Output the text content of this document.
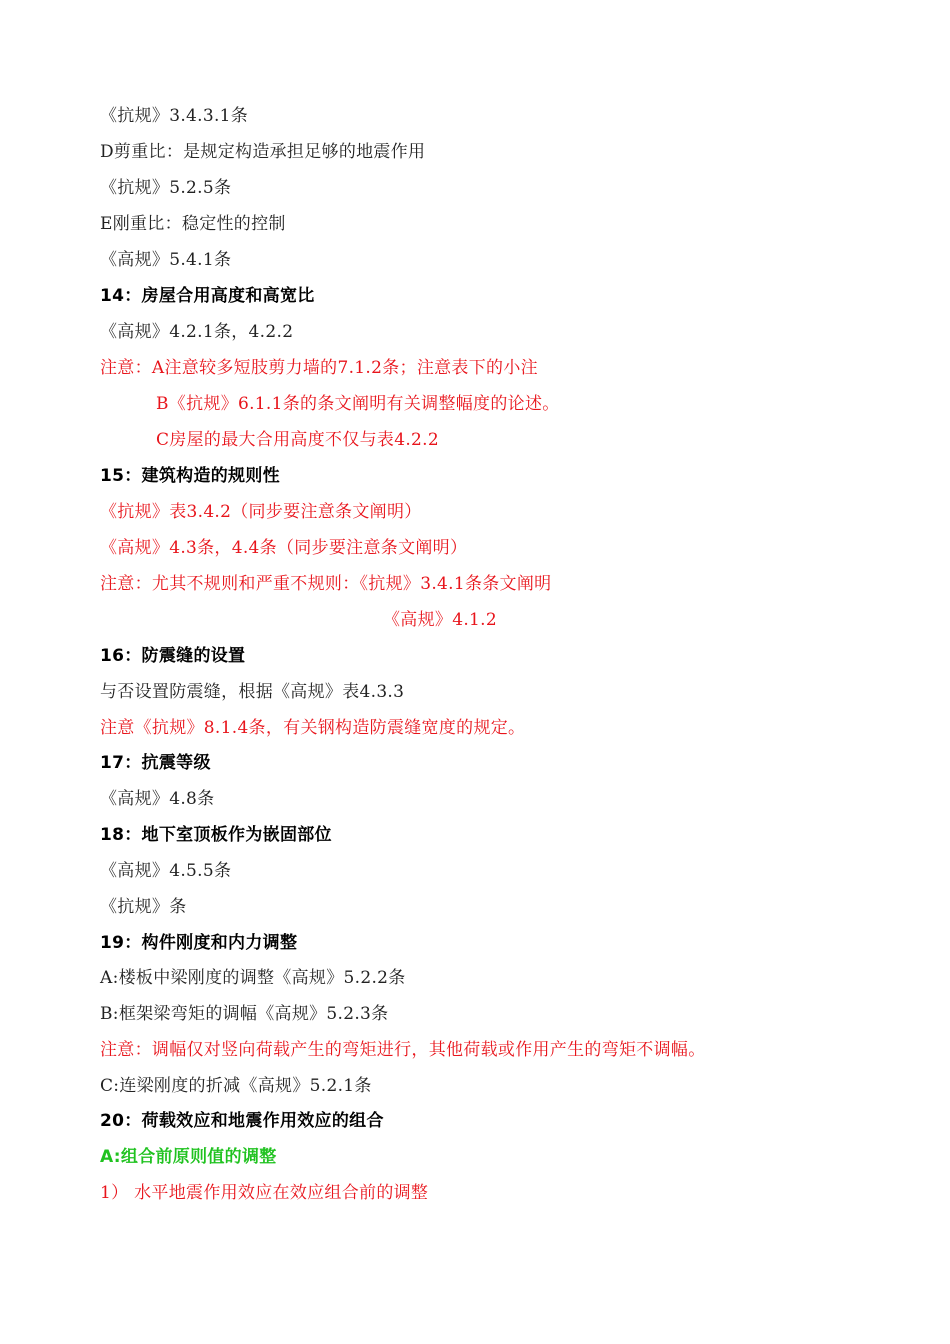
《抗规》3.4.3.1条
D剪重比：是规定构造承担足够的地震作用
《抗规》5.2.5条
E刚重比：稳定性的控制
《高规》5.4.1条
14：房屋合用高度和高宽比
《高规》4.2.1条，4.2.2
注意：A注意较多短肢剪力墙的7.1.2条；注意表下的小注
B《抗规》6.1.1条的条文阐明有关调整幅度的论述。
C房屋的最大合用高度不仅与表4.2.2
15：建筑构造的规则性
《抗规》表3.4.2（同步要注意条文阐明）
《高规》4.3条，4.4条（同步要注意条文阐明）
注意：尤其不规则和严重不规则：《抗规》3.4.1条条文阐明
《高规》4.1.2
16：防震缝的设置
与否设置防震缝，根据《高规》表4.3.3
注意《抗规》8.1.4条，有关钢构造防震缝宽度的规定。
17：抗震等级
《高规》4.8条
18：地下室顶板作为嵌固部位
《高规》4.5.5条
《抗规》条
19：构件刚度和内力调整
A:楼板中梁刚度的调整《高规》5.2.2条
B:框架梁弯矩的调幅《高规》5.2.3条
注意：调幅仅对竖向荷载产生的弯矩进行，其他荷载或作用产生的弯矩不调幅。
C:连梁刚度的折减《高规》5.2.1条
20：荷载效应和地震作用效应的组合
A:组合前原则值的调整
1） 水平地震作用效应在效应组合前的调整
